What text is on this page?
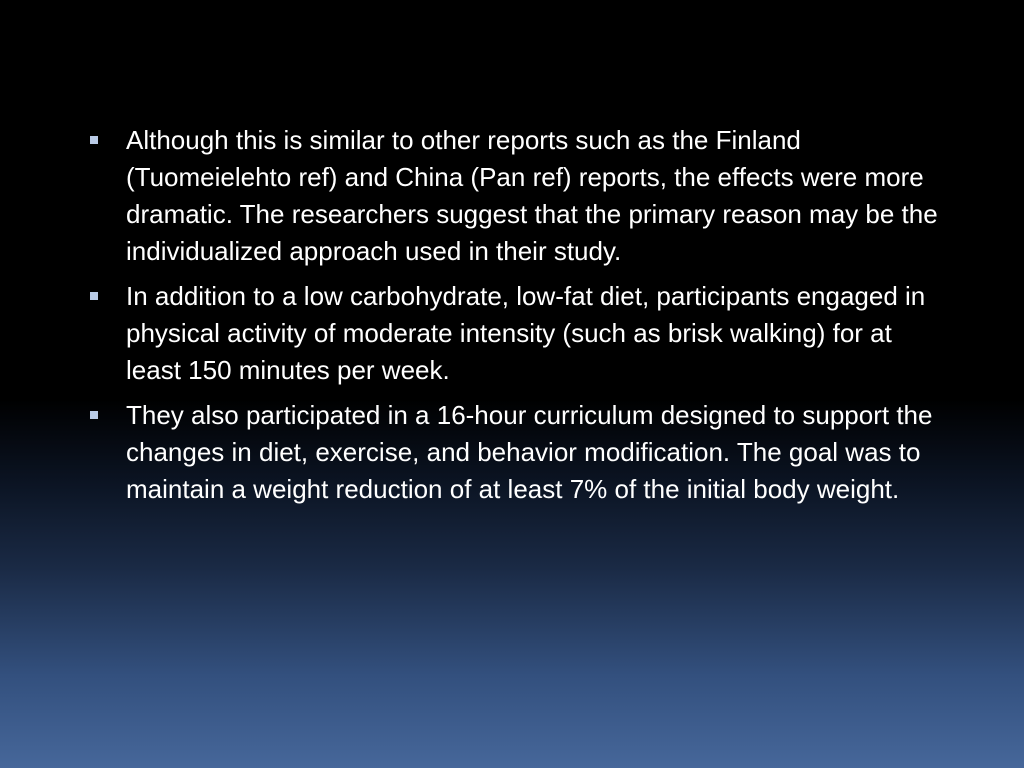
Although this is similar to other reports such as the Finland (Tuomeielehto ref) and China (Pan ref) reports, the effects were more dramatic. The researchers suggest that the primary reason may be the individualized approach used in their study.
In addition to a low carbohydrate, low-fat diet, participants engaged in physical activity of moderate intensity (such as brisk walking) for at least 150 minutes per week.
They also participated in a 16-hour curriculum designed to support the changes in diet, exercise, and behavior modification. The goal was to maintain a weight reduction of at least 7% of the initial body weight.
